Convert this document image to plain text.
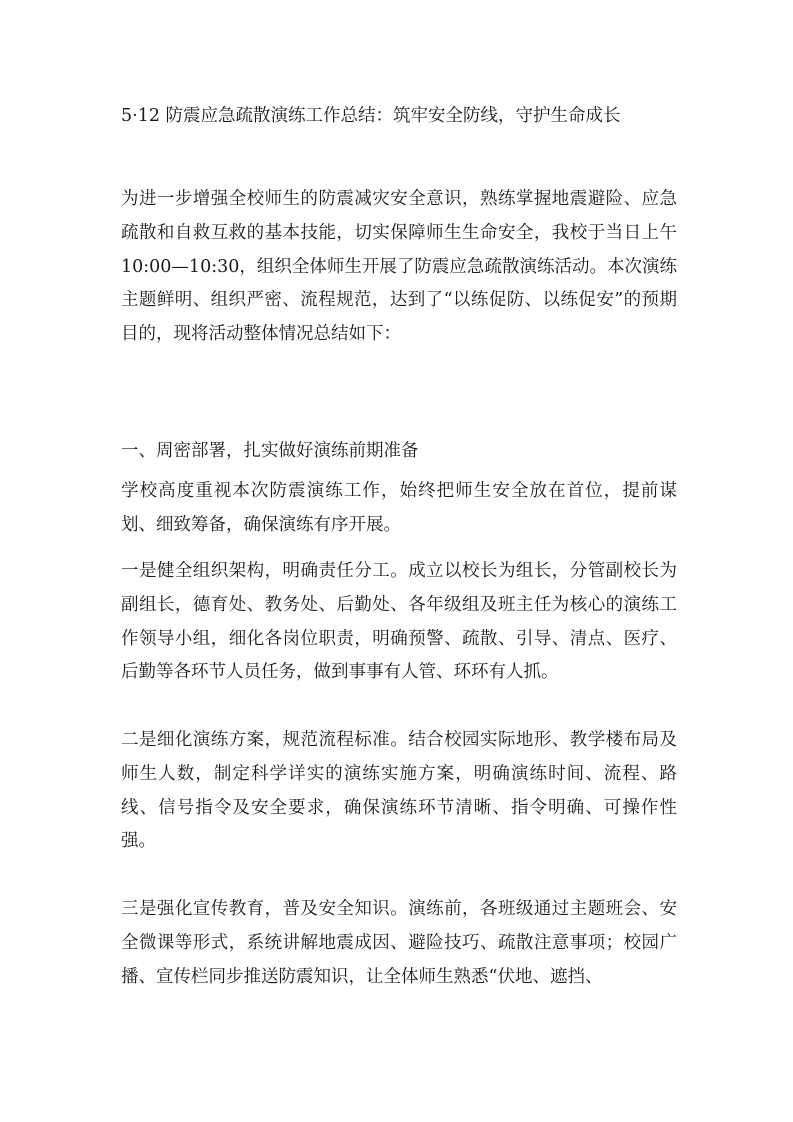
5·12 防震应急疏散演练工作总结：筑牢安全防线，守护生命成长

为进一步增强全校师生的防震减灾安全意识，熟练掌握地震避险、应急疏散和自救互救的基本技能，切实保障师生生命安全，我校于当日上午 10:00—10:30，组织全体师生开展了防震应急疏散演练活动。本次演练主题鲜明、组织严密、流程规范，达到了“以练促防、以练促安”的预期目的，现将活动整体情况总结如下：

一、周密部署，扎实做好演练前期准备

学校高度重视本次防震演练工作，始终把师生安全放在首位，提前谋划、细致筹备，确保演练有序开展。

一是健全组织架构，明确责任分工。成立以校长为组长，分管副校长为副组长，德育处、教务处、后勤处、各年级组及班主任为核心的演练工作领导小组，细化各岗位职责，明确预警、疏散、引导、清点、医疗、后勤等各环节人员任务，做到事事有人管、环环有人抓。

二是细化演练方案，规范流程标准。结合校园实际地形、教学楼布局及师生人数，制定科学详实的演练实施方案，明确演练时间、流程、路线、信号指令及安全要求，确保演练环节清晰、指令明确、可操作性强。

三是强化宣传教育，普及安全知识。演练前，各班级通过主题班会、安全微课等形式，系统讲解地震成因、避险技巧、疏散注意事项；校园广播、宣传栏同步推送防震知识，让全体师生熟悉“伏地、遮挡、
